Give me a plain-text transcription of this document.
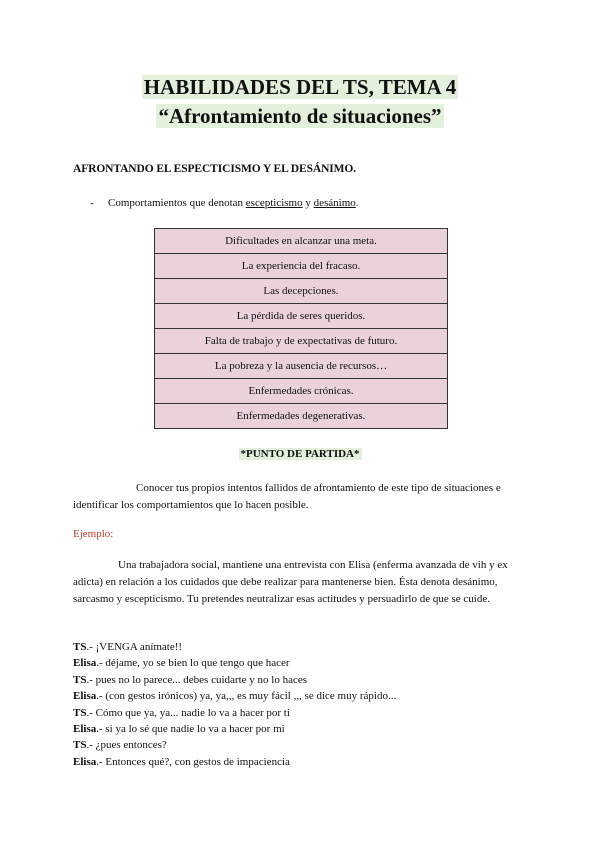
HABILIDADES DEL TS, TEMA 4
“Afrontamiento de situaciones”
AFRONTANDO EL ESPECTICISMO Y EL DESÁNIMO.
- Comportamientos que denotan escepticismo y desánimo.
Dificultades en alcanzar una meta.
La experiencia del fracaso.
Las decepciones.
La pérdida de seres queridos.
Falta de trabajo y de expectativas de futuro.
La pobreza y la ausencia de recursos…
Enfermedades crónicas.
Enfermedades degenerativas.
*PUNTO DE PARTIDA*
Conocer tus propios intentos fallidos de afrontamiento de este tipo de situaciones e identificar los comportamientos que lo hacen posible.
Ejemplo:
Una trabajadora social, mantiene una entrevista con Elisa (enferma avanzada de vih y ex adicta) en relación a los cuidados que debe realizar para mantenerse bien. Ésta denota desánimo, sarcasmo y escepticismo. Tu pretendes neutralizar esas actitudes y persuadirlo de que se cuide.
TS.- ¡VENGA anímate!!
Elisa.- déjame, yo se bien lo que tengo que hacer
TS.- pues no lo parece... debes cuidarte y no lo haces
Elisa.- (con gestos irónicos) ya, ya,,, es muy fácil ,,, se dice muy rápido...
TS.- Cómo que ya, ya... nadie lo va a hacer por ti
Elisa.- si ya lo sé que nadie lo va a hacer por mi
TS.- ¿pues entonces?
Elisa.- Entonces qué?, con gestos de impaciencia
